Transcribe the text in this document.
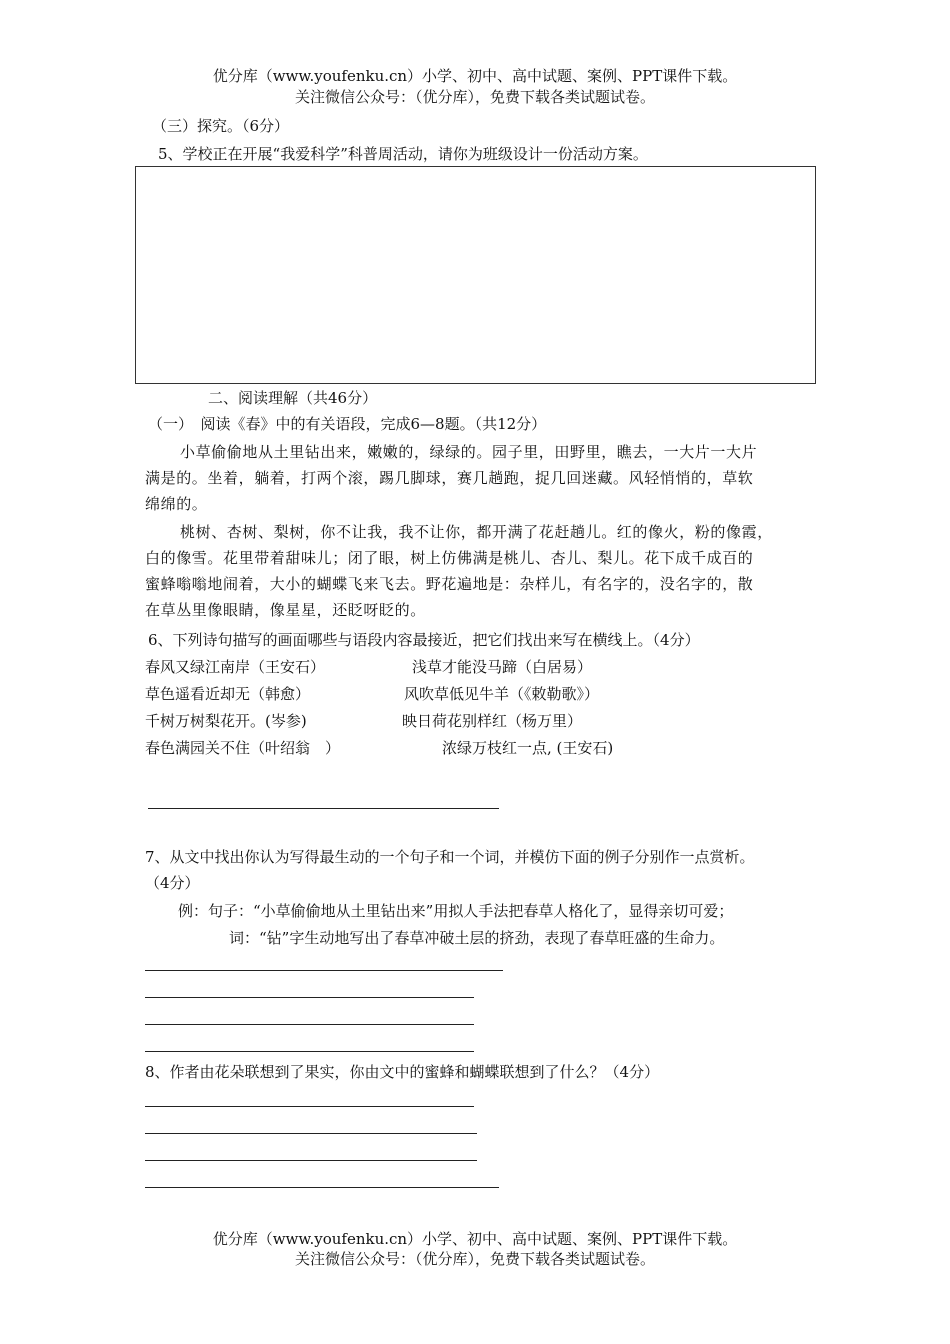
优分库（www.youfenku.cn）小学、初中、高中试题、案例、PPT课件下载。
关注微信公众号：（优分库），免费下载各类试题试卷。
（三）探究。（6分）
5、学校正在开展“我爱科学”科普周活动，请你为班级设计一份活动方案。
二、阅读理解（共46分）
（一）　阅读《春》中的有关语段，完成6—8题。（共12分）
小草偷偷地从土里钻出来，嫩嫩的，绿绿的。园子里，田野里，瞧去，一大片一大片
满是的。坐着，躺着，打两个滚，踢几脚球，赛几趟跑，捉几回迷藏。风轻悄悄的，草软
绵绵的。
桃树、杏树、梨树，你不让我，我不让你，都开满了花赶趟儿。红的像火，粉的像霞，
白的像雪。花里带着甜味儿；闭了眼，树上仿佛满是桃儿、杏儿、梨儿。花下成千成百的
蜜蜂嗡嗡地闹着，大小的蝴蝶飞来飞去。野花遍地是：杂样儿，有名字的，没名字的，散
在草丛里像眼睛，像星星，还眨呀眨的。
6、下列诗句描写的画面哪些与语段内容最接近，把它们找出来写在横线上。（4分）
春风又绿江南岸（王安石）	浅草才能没马蹄（白居易）
草色遥看近却无（韩愈）	风吹草低见牛羊（《敕勒歌》）
千树万树梨花开。(岑参)	映日荷花别样红（杨万里）
春色满园关不住（叶绍翁　）	浓绿万枝红一点, (王安石)
7、从文中找出你认为写得最生动的一个句子和一个词，并模仿下面的例子分别作一点赏析。
（4分）
例：句子：“小草偷偷地从土里钻出来”用拟人手法把春草人格化了，显得亲切可爱；
词：“钻”字生动地写出了春草冲破土层的挤劲，表现了春草旺盛的生命力。
8、作者由花朵联想到了果实，你由文中的蜜蜂和蝴蝶联想到了什么？（4分）
优分库（www.youfenku.cn）小学、初中、高中试题、案例、PPT课件下载。
关注微信公众号：（优分库），免费下载各类试题试卷。
